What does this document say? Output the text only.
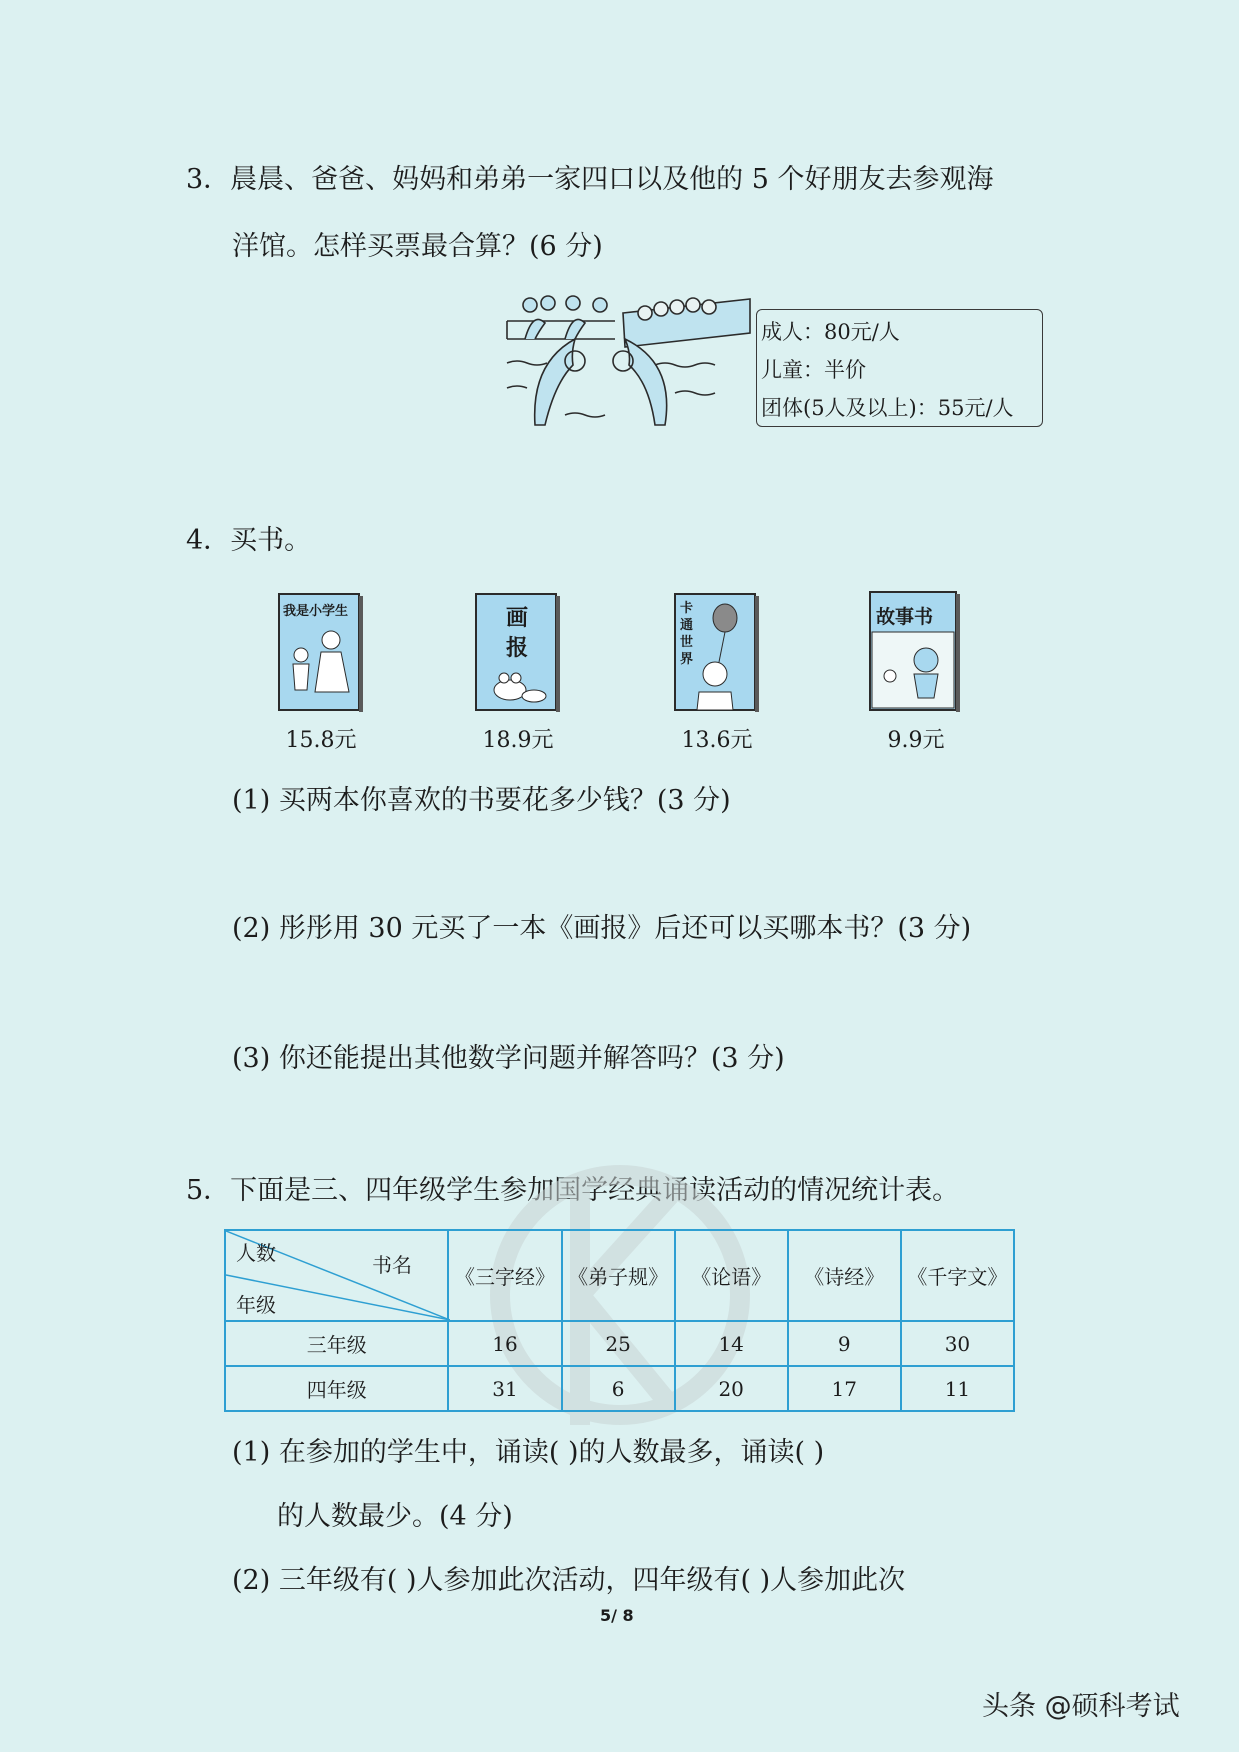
3．晨晨、爸爸、妈妈和弟弟一家四口以及他的 5 个好朋友去参观海
洋馆。怎样买票最合算？(6 分)
成人：80元/人
儿童：半价
团体(5人及以上)：55元/人
4．买书。
我是小学生
15.8元
画报
18.9元
卡通世界
13.6元
故事书
9.9元
(1) 买两本你喜欢的书要花多少钱？(3 分)
(2) 彤彤用 30 元买了一本《画报》后还可以买哪本书？(3 分)
(3) 你还能提出其他数学问题并解答吗？(3 分)
5．下面是三、四年级学生参加国学经典诵读活动的情况统计表。
人数 书名
年级	《三字经》	《弟子规》	《论语》	《诗经》	《千字文》
三年级	16	25	14	9	30
四年级	31	6	20	17	11
(1) 在参加的学生中，诵读( )的人数最多，诵读( )
的人数最少。(4 分)
(2) 三年级有( )人参加此次活动，四年级有( )人参加此次
5/ 8
头条 @硕科考试
